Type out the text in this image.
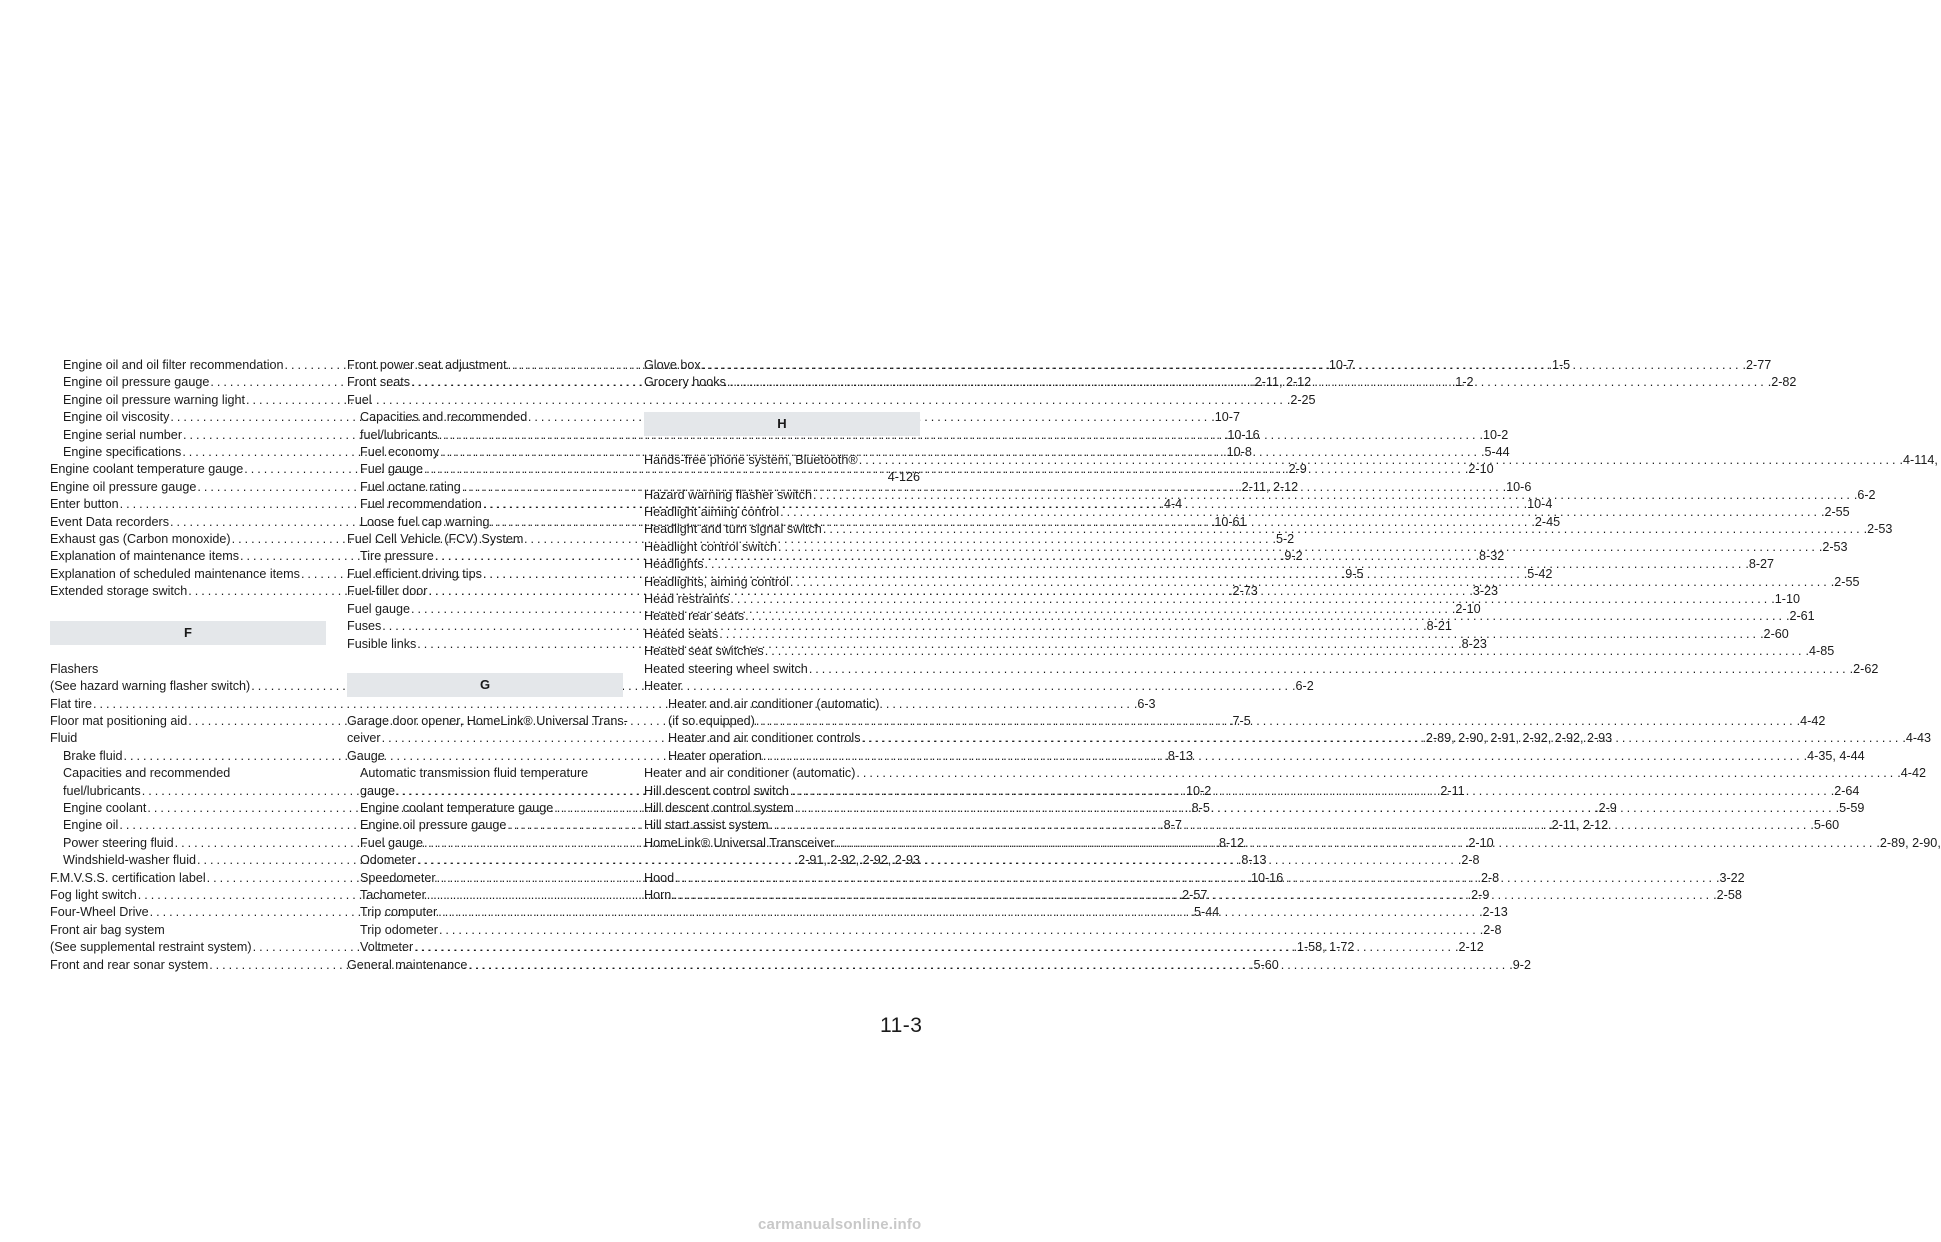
Engine oil and oil filter recommendation .....	.10-7
Engine oil pressure gauge .....	.2-11, 2-12
Engine oil pressure warning light .....	.2-25
Engine oil viscosity .....	.10-7
Engine serial number .....	.10-16
Engine specifications .....	.10-8
Engine coolant temperature gauge .....	.2-9
Engine oil pressure gauge .....	.2-11, 2-12
Enter button .....	.4-4
Event Data recorders .....	.10-61
Exhaust gas (Carbon monoxide) .....	.5-2
Explanation of maintenance items .....	.9-2
Explanation of scheduled maintenance items .....	.9-5
Extended storage switch .....	.2-73
F
Flashers
(See hazard warning flasher switch) .....	.6-2
Flat tire .....	.6-3
Floor mat positioning aid .....	.7-5
Fluid
Brake fluid .....	.8-13
Capacities and recommended
fuel/lubricants .....	.10-2
Engine coolant .....	.8-5
Engine oil .....	.8-7
Power steering fluid .....	.8-12
Windshield-washer fluid .....	.8-13
F.M.V.S.S. certification label .....	.10-16
Fog light switch .....	.2-57
Four-Wheel Drive .....	.5-44
Front air bag system
(See supplemental restraint system) .....	.1-58, 1-72
Front and rear sonar system .....	.5-60
Front power seat adjustment .....	.1-5
Front seats .....	.1-2
Fuel
Capacities and recommended
fuel/lubricants .....	.10-2
Fuel economy .....	.5-44
Fuel gauge .....	.2-10
Fuel octane rating .....	.10-6
Fuel recommendation .....	.10-4
Loose fuel cap warning .....	.2-45
Fuel Cell Vehicle (FCV) System
Tire pressure .....	.8-32
Fuel efficient driving tips .....	.5-42
Fuel-filler door .....	.3-23
Fuel gauge .....	.2-10
Fuses .....	.8-21
Fusible links .....	.8-23
G
Garage door opener, HomeLink® Universal Trans-
ceiver .....	.2-89, 2-90, 2-91, 2-92, 2-92, 2-93
Gauge
Automatic transmission fluid temperature
gauge .....	.2-11
Engine coolant temperature gauge .....	.2-9
Engine oil pressure gauge .....	.2-11, 2-12
Fuel gauge .....	.2-10
Odometer .....	.2-8
Speedometer .....	.2-8
Tachometer .....	.2-9
Trip computer .....	.2-13
Trip odometer .....	.2-8
Voltmeter .....	.2-12
General maintenance .....	.9-2
Glove box .....	.2-77
Grocery hooks .....	.2-82
H
Hands-free phone system, Bluetooth® .....	.4-114,
4-126
Hazard warning flasher switch .....	.6-2
Headlight aiming control .....	.2-55
Headlight and turn signal switch .....	.2-53
Headlight control switch .....	.2-53
Headlights .....	.8-27
Headlights, aiming control .....	.2-55
Head restraints .....	.1-10
Heated rear seats .....	.2-61
Heated seats .....	.2-60
Heated seat switches .....	.4-85
Heated steering wheel switch .....	.2-62
Heater
Heater and air conditioner (automatic)
(if so equipped) .....	.4-42
Heater and air conditioner controls .....	.4-43
Heater operation .....	.4-35, 4-44
Heater and air conditioner (automatic) .....	.4-42
Hill descent control switch .....	.2-64
Hill descent control system .....	.5-59
Hill start assist system .....	.5-60
HomeLink® Universal Transceiver .....	.2-89, 2-90,
2-91, 2-92, 2-92, 2-93
Hood .....	.3-22
Horn .....	.2-58
11-3
carmanualsonline.info
